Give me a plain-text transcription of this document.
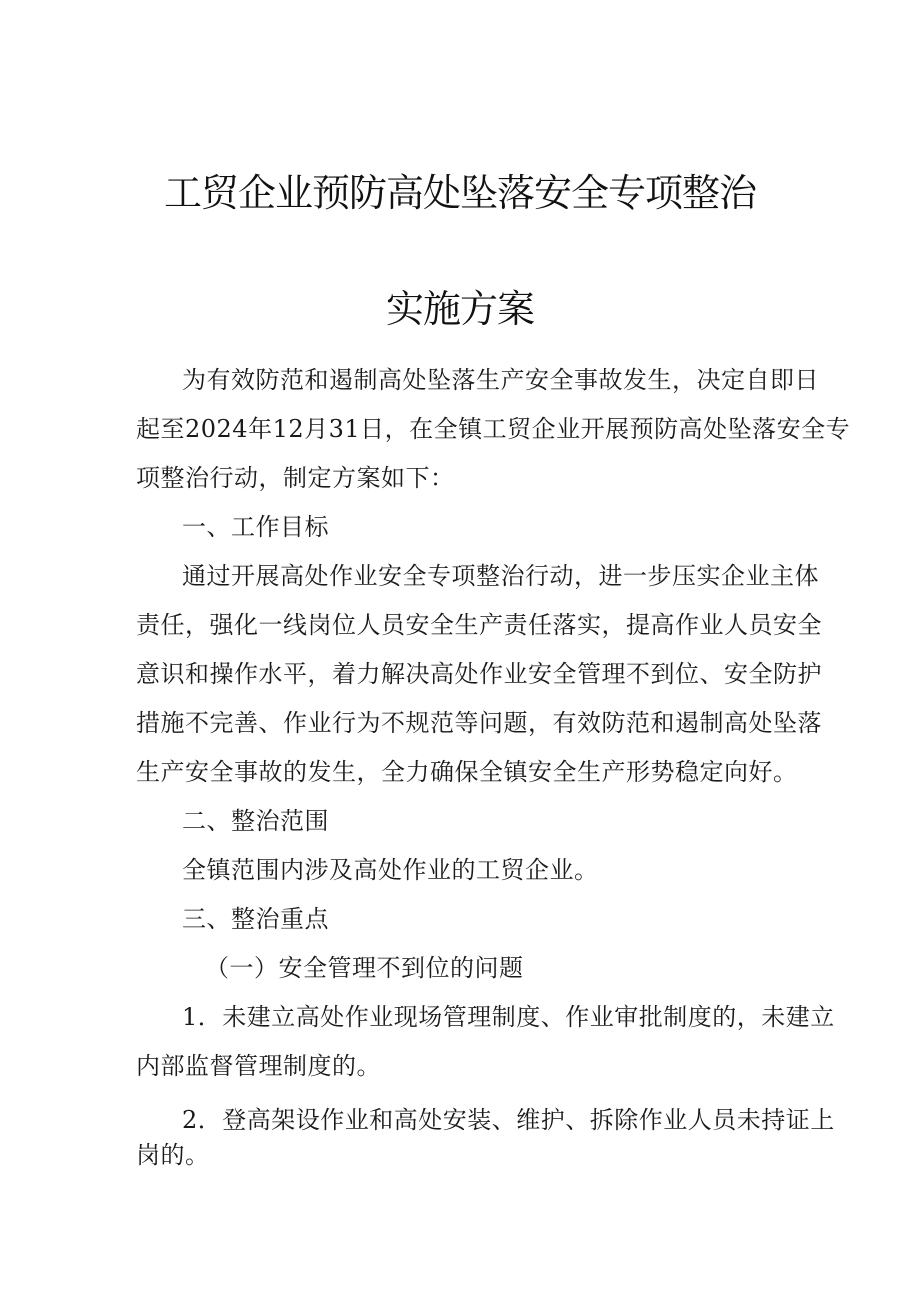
工贸企业预防高处坠落安全专项整治
实施方案
为有效防范和遏制高处坠落生产安全事故发生，决定自即日
起至2024年12月31日，在全镇工贸企业开展预防高处坠落安全专
项整治行动，制定方案如下：
一、工作目标
通过开展高处作业安全专项整治行动，进一步压实企业主体
责任，强化一线岗位人员安全生产责任落实，提高作业人员安全
意识和操作水平，着力解决高处作业安全管理不到位、安全防护
措施不完善、作业行为不规范等问题，有效防范和遏制高处坠落
生产安全事故的发生，全力确保全镇安全生产形势稳定向好。
二、整治范围
全镇范围内涉及高处作业的工贸企业。
三、整治重点
（一）安全管理不到位的问题
1．未建立高处作业现场管理制度、作业审批制度的，未建立
内部监督管理制度的。
2．登高架设作业和高处安装、维护、拆除作业人员未持证上
岗的。
